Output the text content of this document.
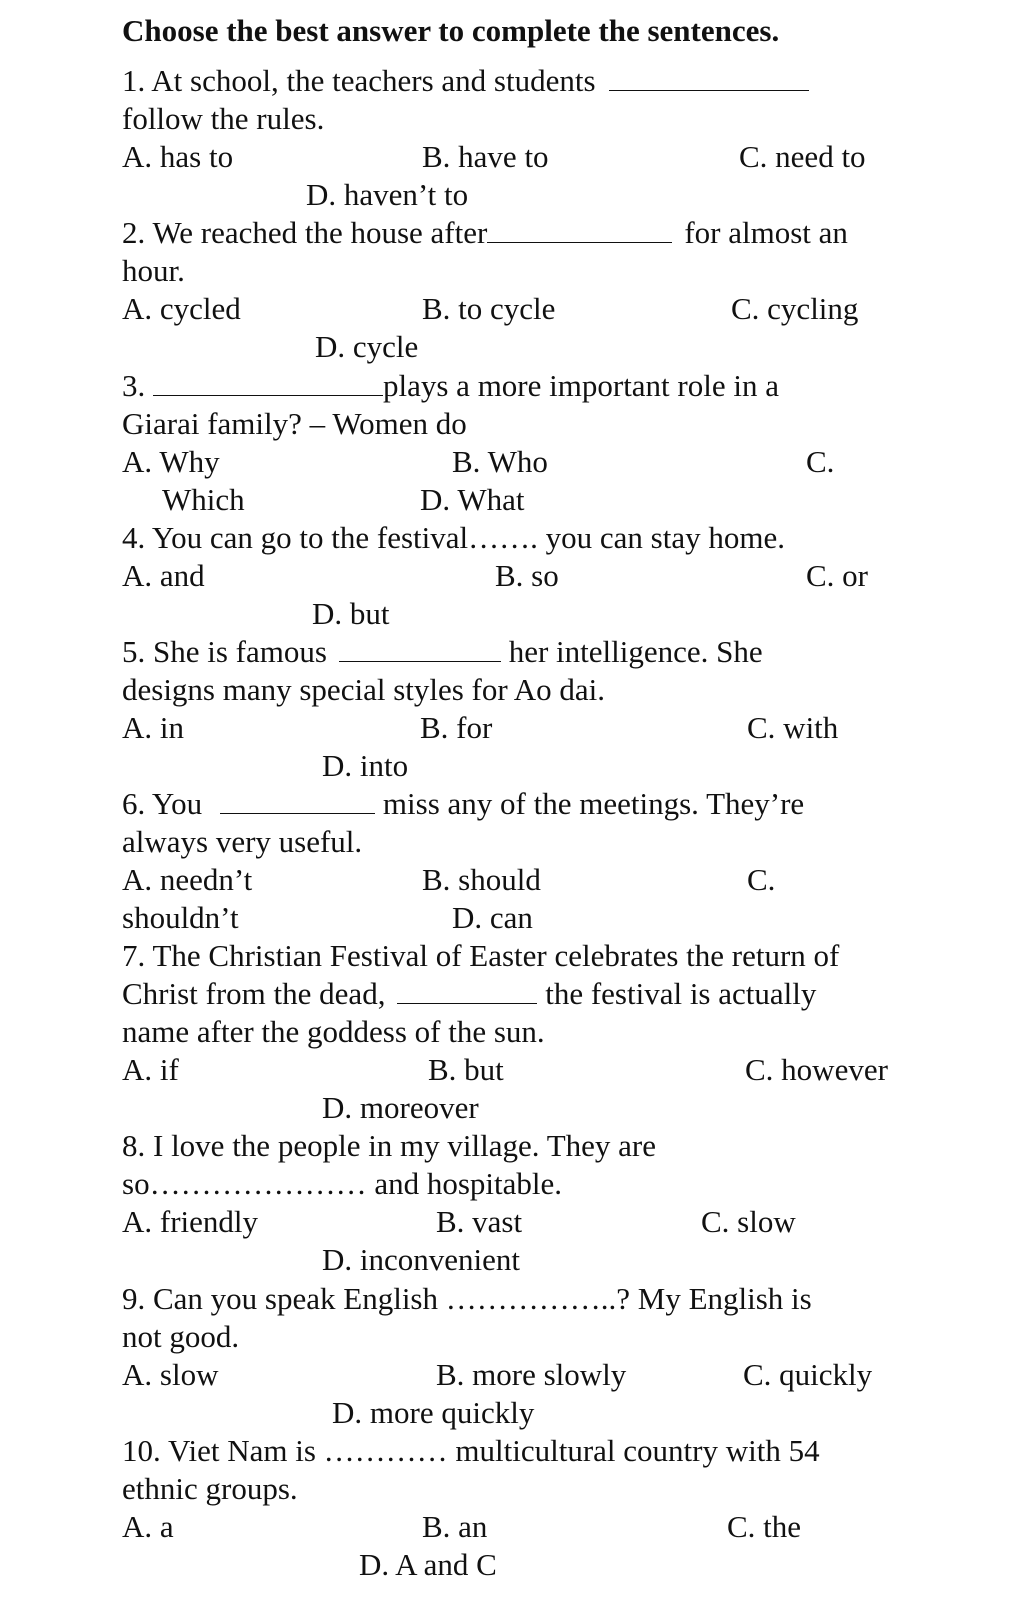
Choose the best answer to complete the sentences.
1. At school, the teachers and students
follow the rules.
A. has to	B. have to	C. need to
D. haven’t to
2. We reached the house after	for almost an
hour.
A. cycled	B. to cycle	C. cycling
D. cycle
3.	plays a more important role in a
Giarai family? – Women do
A. Why	B. Who	C.
Which	D. What
4. You can go to the festival……. you can stay home.
A. and	B. so	C. or
D. but
5. She is famous	her intelligence. She
designs many special styles for Ao dai.
A. in	B. for	C. with
D. into
6. You	miss any of the meetings. They’re
always very useful.
A. needn’t	B. should	C.
shouldn’t	D. can
7. The Christian Festival of Easter celebrates the return of
Christ from the dead,	the festival is actually
name after the goddess of the sun.
A. if	B. but	C. however
D. moreover
8. I love the people in my village. They are
so………………… and hospitable.
A. friendly	B. vast	C. slow
D. inconvenient
9. Can you speak English ……………..? My English is
not good.
A. slow	B. more slowly	C. quickly
D. more quickly
10. Viet Nam is ………… multicultural country with 54
ethnic groups.
A. a	B. an	C. the
D. A and C
